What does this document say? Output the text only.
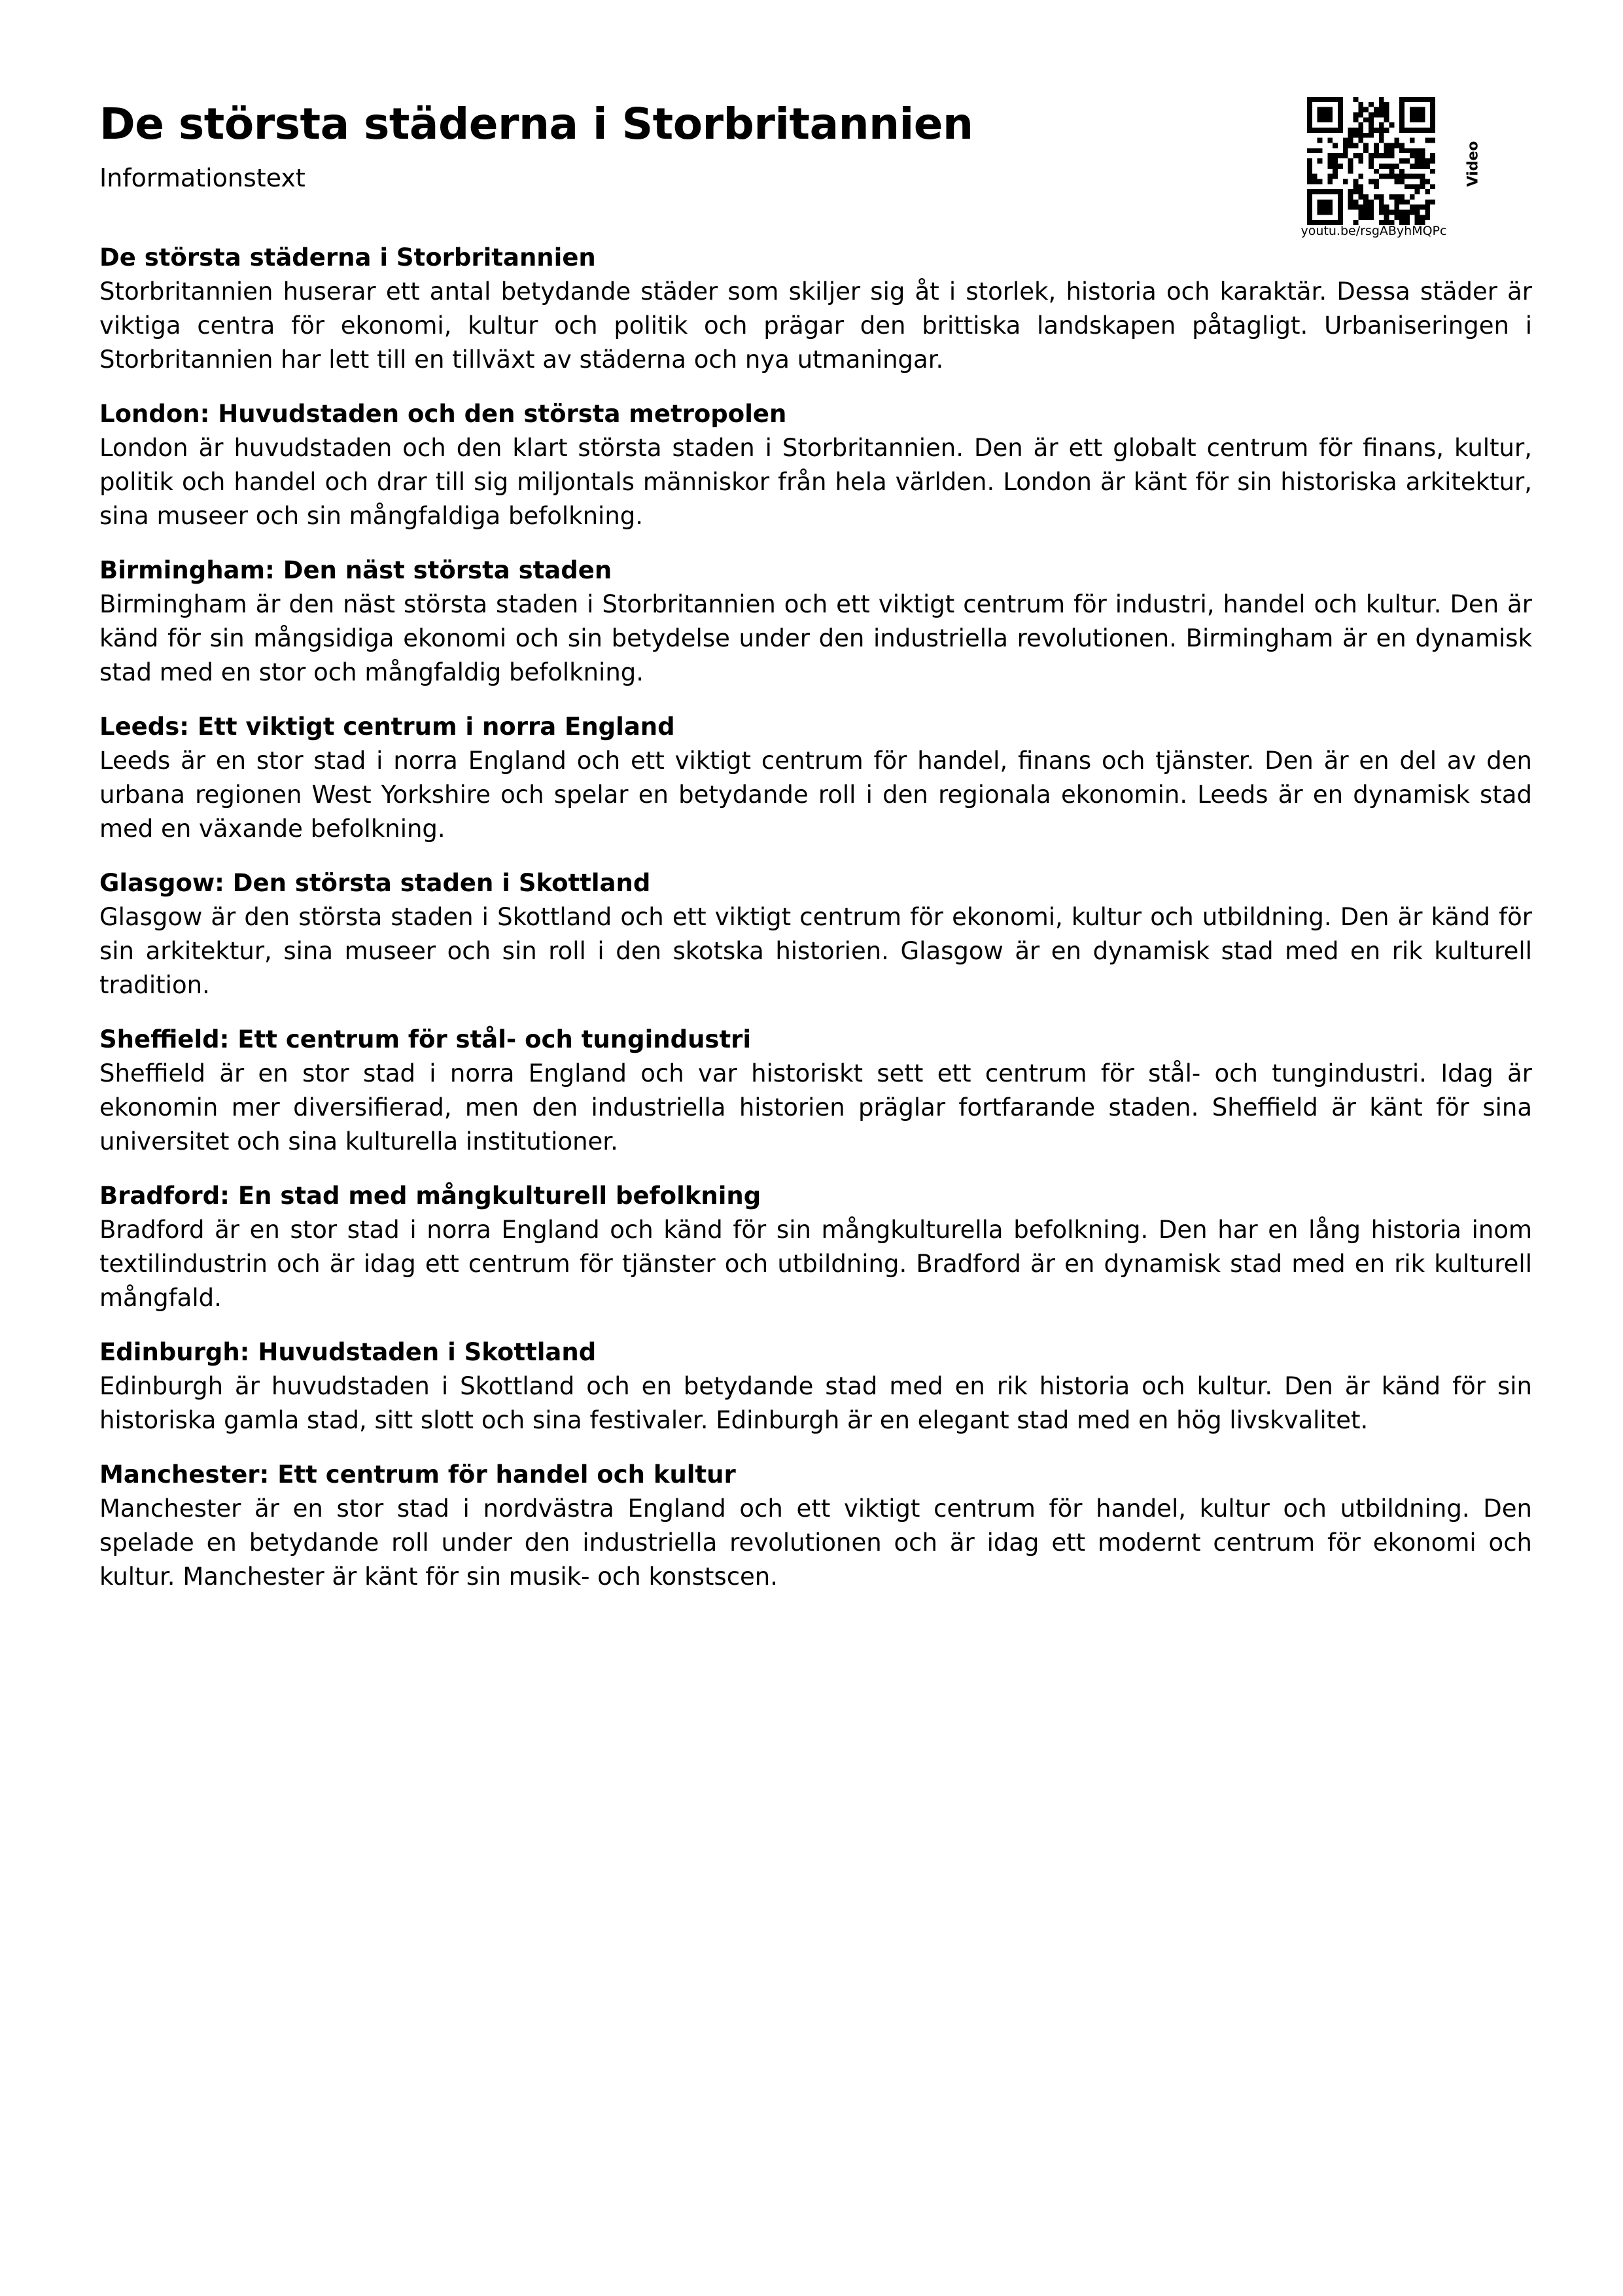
De största städerna i Storbritannien
Informationstext
youtu.be/rsgAByhMQPc
Video
De största städerna i Storbritannien

Storbritannien huserar ett antal betydande städer som skiljer sig åt i storlek, historia och karaktär. Dessa städer är viktiga centra för ekonomi, kultur och politik och prägar den brittiska landskapen påtagligt. Urbaniseringen i Storbritannien har lett till en tillväxt av städerna och nya utmaningar.

London: Huvudstaden och den största metropolen

London är huvudstaden och den klart största staden i Storbritannien. Den är ett globalt centrum för finans, kultur, politik och handel och drar till sig miljontals människor från hela världen. London är känt för sin historiska arkitektur, sina museer och sin mångfaldiga befolkning.

Birmingham: Den näst största staden

Birmingham är den näst största staden i Storbritannien och ett viktigt centrum för industri, handel och kultur. Den är känd för sin mångsidiga ekonomi och sin betydelse under den industriella revolutionen. Birmingham är en dynamisk stad med en stor och mångfaldig befolkning.

Leeds: Ett viktigt centrum i norra England

Leeds är en stor stad i norra England och ett viktigt centrum för handel, finans och tjänster. Den är en del av den urbana regionen West Yorkshire och spelar en betydande roll i den regionala ekonomin. Leeds är en dynamisk stad med en växande befolkning.

Glasgow: Den största staden i Skottland

Glasgow är den största staden i Skottland och ett viktigt centrum för ekonomi, kultur och utbildning. Den är känd för sin arkitektur, sina museer och sin roll i den skotska historien. Glasgow är en dynamisk stad med en rik kulturell tradition.

Sheffield: Ett centrum för stål- och tungindustri

Sheffield är en stor stad i norra England och var historiskt sett ett centrum för stål- och tungindustri. Idag är ekonomin mer diversifierad, men den industriella historien präglar fortfarande staden. Sheffield är känt för sina universitet och sina kulturella institutioner.

Bradford: En stad med mångkulturell befolkning

Bradford är en stor stad i norra England och känd för sin mångkulturella befolkning. Den har en lång historia inom textilindustrin och är idag ett centrum för tjänster och utbildning. Bradford är en dynamisk stad med en rik kulturell mångfald.

Edinburgh: Huvudstaden i Skottland

Edinburgh är huvudstaden i Skottland och en betydande stad med en rik historia och kultur. Den är känd för sin historiska gamla stad, sitt slott och sina festivaler. Edinburgh är en elegant stad med en hög livskvalitet.

Manchester: Ett centrum för handel och kultur

Manchester är en stor stad i nordvästra England och ett viktigt centrum för handel, kultur och utbildning. Den spelade en betydande roll under den industriella revolutionen och är idag ett modernt centrum för ekonomi och kultur. Manchester är känt för sin musik- och konstscen.
